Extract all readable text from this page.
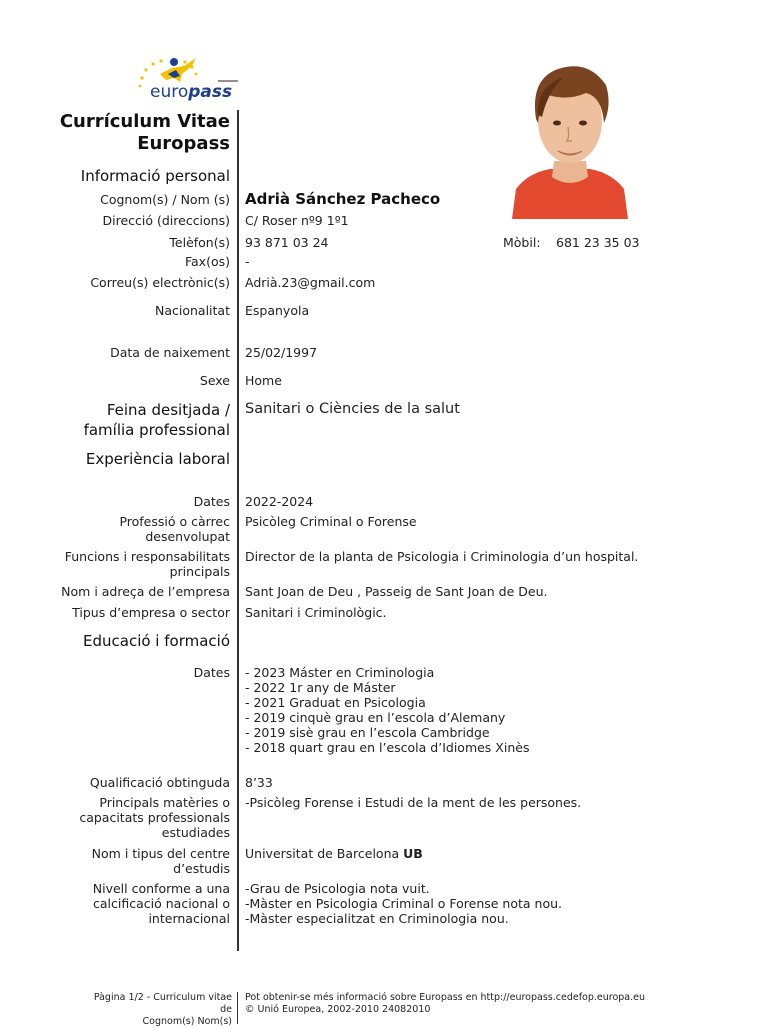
europass
Currículum Vitae
Europass
Informació personal
Cognom(s) / Nom (s) Adrià Sánchez Pacheco
Direcció (direccions) C/ Roser nº9 1º1
Telèfon(s) 93 871 03 24	Mòbil: 681 23 35 03
Fax(os) -
Correu(s) electrònic(s) Adrià.23@gmail.com
Nacionalitat Espanyola
Data de naixement 25/02/1997
Sexe Home
Feina desitjada /
família professional
Sanitari o Ciències de la salut
Experiència laboral
Dates 2022-2024
Professió o càrrec
desenvolupat
Psicòleg Criminal o Forense
Funcions i responsabilitats
principals
Director de la planta de Psicologia i Criminologia d’un hospital.
Nom i adreça de l’empresa Sant Joan de Deu , Passeig de Sant Joan de Deu.
Tipus d’empresa o sector Sanitari i Criminològic.
Educació i formació
Dates - 2023 Máster en Criminologia
- 2022 1r any de Máster
- 2021 Graduat en Psicologia
- 2019 cinquè grau en l’escola d’Alemany
- 2019 sisè grau en l’escola Cambridge
- 2018 quart grau en l’escola d’Idiomes Xinès
Qualificació obtinguda 8’33
Principals matèries o
capacitats professionals
estudiades
-Psicòleg Forense i Estudi de la ment de les persones.
Nom i tipus del centre
d’estudis
Universitat de Barcelona UB
Nivell conforme a una
calcificació nacional o
internacional
-Grau de Psicologia nota vuit.
-Màster en Psicologia Criminal o Forense nota nou.
-Màster especialitzat en Criminologia nou.
Pàgina 1/2 - Curriculum vitae
de
Cognom(s) Nom(s)
Pot obtenir-se més informació sobre Europass en http://europass.cedefop.europa.eu
© Unió Europea, 2002-2010 24082010
